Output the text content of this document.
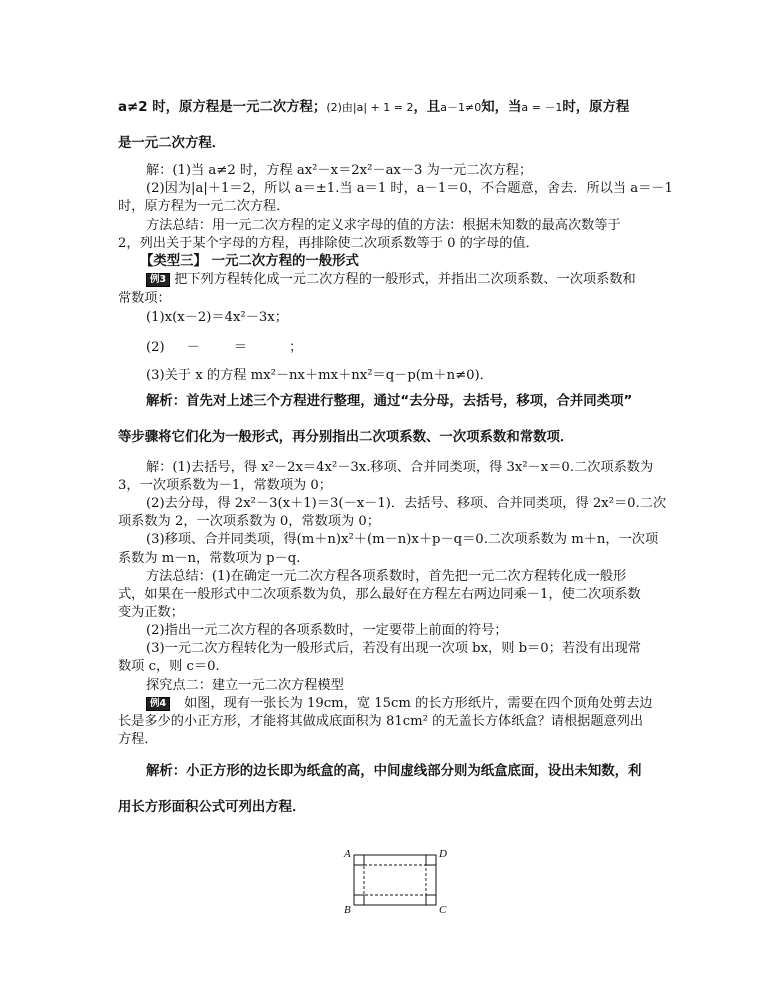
a≠2 时，原方程是一元二次方程；(2)由|a| + 1 = 2，且a－1≠0知，当a = －1时，原方程
是一元二次方程．
解：(1)当 a≠2 时，方程 ax²－x＝2x²－ax－3 为一元二次方程；
(2)因为|a|＋1＝2，所以 a＝±1.当 a＝1 时，a－1＝0，不合题意，舍去．所以当 a＝－1
时，原方程为一元二次方程．
方法总结：用一元二次方程的定义求字母的值的方法：根据未知数的最高次数等于
2，列出关于某个字母的方程，再排除使二次项系数等于 0 的字母的值．
【类型三】 一元二次方程的一般形式
例3 把下列方程转化成一元二次方程的一般形式，并指出二次项系数、一次项系数和
常数项：
(1)x(x－2)＝4x²－3x；
(2) －	＝	；
(3)关于 x 的方程 mx²－nx＋mx＋nx²＝q－p(m＋n≠0)．
解析：首先对上述三个方程进行整理，通过“去分母，去括号，移项，合并同类项”
等步骤将它们化为一般形式，再分别指出二次项系数、一次项系数和常数项．
解：(1)去括号，得 x²－2x＝4x²－3x.移项、合并同类项，得 3x²－x＝0.二次项系数为
3，一次项系数为－1，常数项为 0；
(2)去分母，得 2x²－3(x＋1)＝3(－x－1)．去括号、移项、合并同类项，得 2x²＝0.二次
项系数为 2，一次项系数为 0，常数项为 0；
(3)移项、合并同类项，得(m＋n)x²＋(m－n)x＋p－q＝0.二次项系数为 m＋n，一次项
系数为 m－n，常数项为 p－q.
方法总结：(1)在确定一元二次方程各项系数时，首先把一元二次方程转化成一般形
式，如果在一般形式中二次项系数为负，那么最好在方程左右两边同乘－1，使二次项系数
变为正数；
(2)指出一元二次方程的各项系数时，一定要带上前面的符号；
(3)一元二次方程转化为一般形式后，若没有出现一次项 bx，则 b＝0；若没有出现常
数项 c，则 c＝0.
探究点二：建立一元二次方程模型
例4 如图，现有一张长为 19cm，宽 15cm 的长方形纸片，需要在四个顶角处剪去边
长是多少的小正方形，才能将其做成底面积为 81cm² 的无盖长方体纸盒？请根据题意列出
方程．
解析：小正方形的边长即为纸盒的高，中间虚线部分则为纸盒底面，设出未知数，利
用长方形面积公式可列出方程．
A	D
B	C
